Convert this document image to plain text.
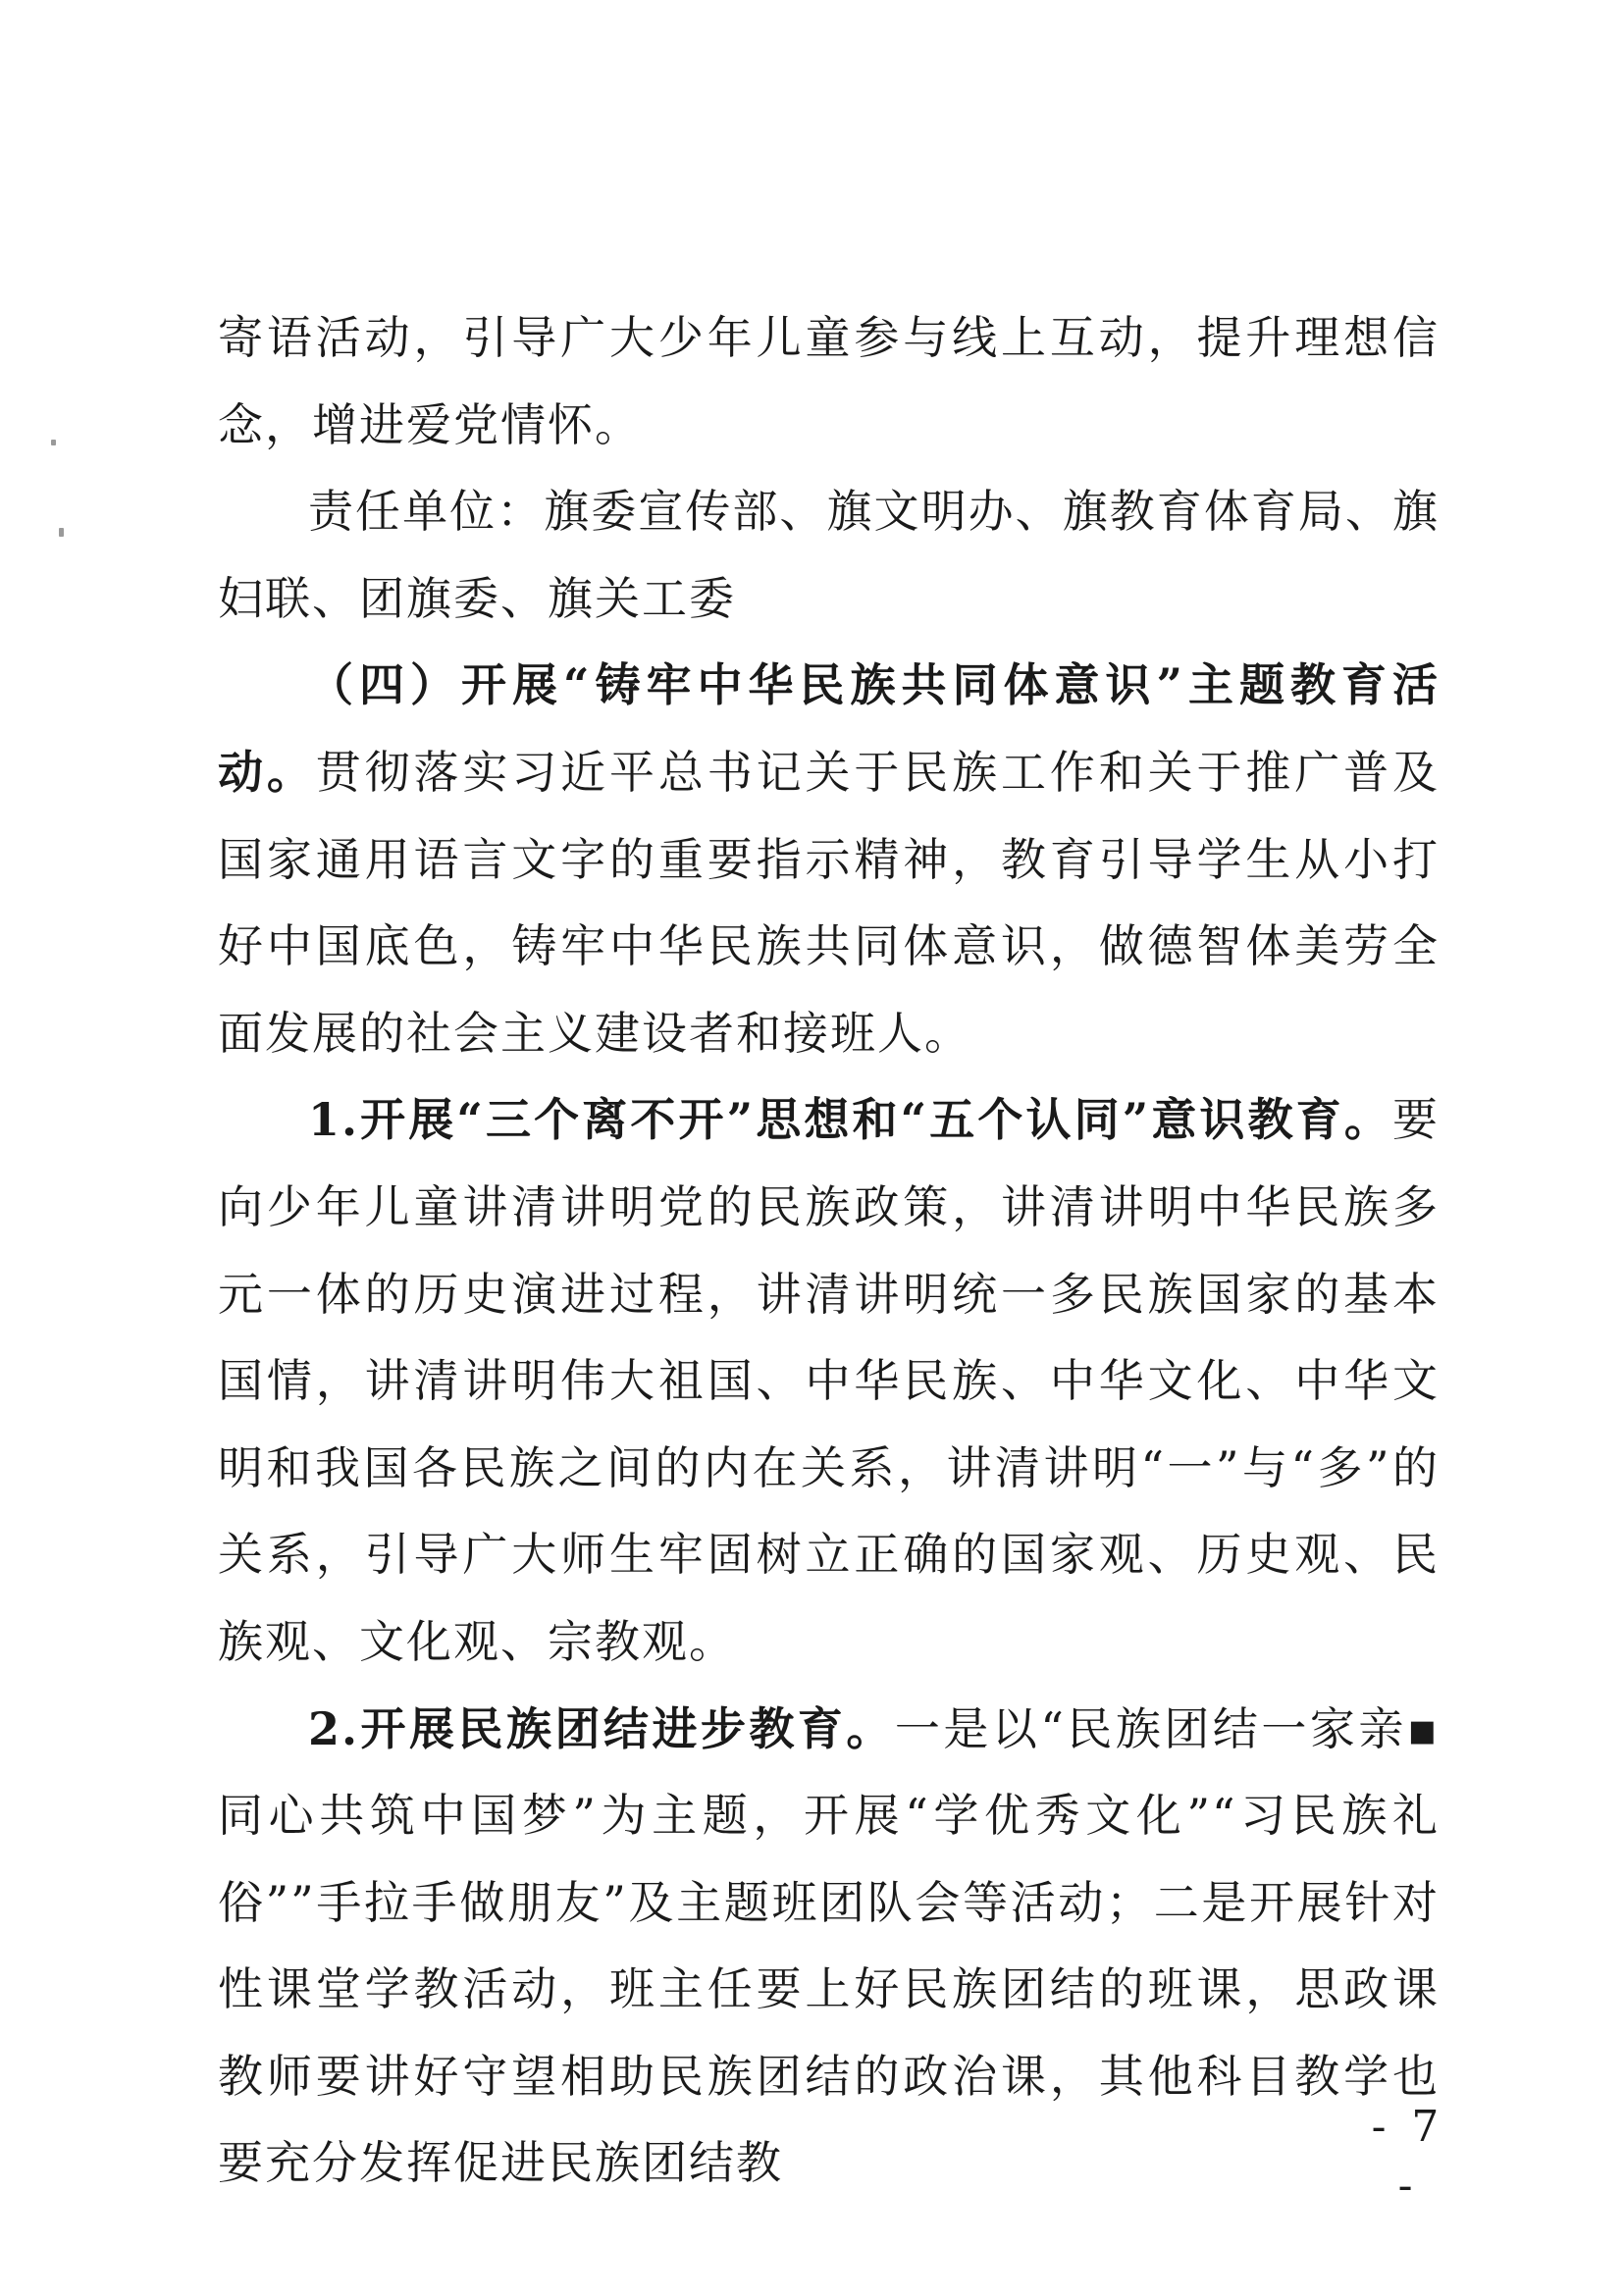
寄语活动，引导广大少年儿童参与线上互动，提升理想信念，增进爱党情怀。

责任单位：旗委宣传部、旗文明办、旗教育体育局、旗妇联、团旗委、旗关工委

（四）开展“铸牢中华民族共同体意识”主题教育活动。贯彻落实习近平总书记关于民族工作和关于推广普及国家通用语言文字的重要指示精神，教育引导学生从小打好中国底色，铸牢中华民族共同体意识，做德智体美劳全面发展的社会主义建设者和接班人。

1.开展“三个离不开”思想和“五个认同”意识教育。要向少年儿童讲清讲明党的民族政策，讲清讲明中华民族多元一体的历史演进过程，讲清讲明统一多民族国家的基本国情，讲清讲明伟大祖国、中华民族、中华文化、中华文明和我国各民族之间的内在关系，讲清讲明“一”与“多”的关系，引导广大师生牢固树立正确的国家观、历史观、民族观、文化观、宗教观。

2.开展民族团结进步教育。一是以“民族团结一家亲▪同心共筑中国梦”为主题，开展“学优秀文化”“习民族礼俗””手拉手做朋友”及主题班团队会等活动；二是开展针对性课堂学教活动，班主任要上好民族团结的班课，思政课教师要讲好守望相助民族团结的政治课，其他科目教学也要充分发挥促进民族团结教

- 7 -
